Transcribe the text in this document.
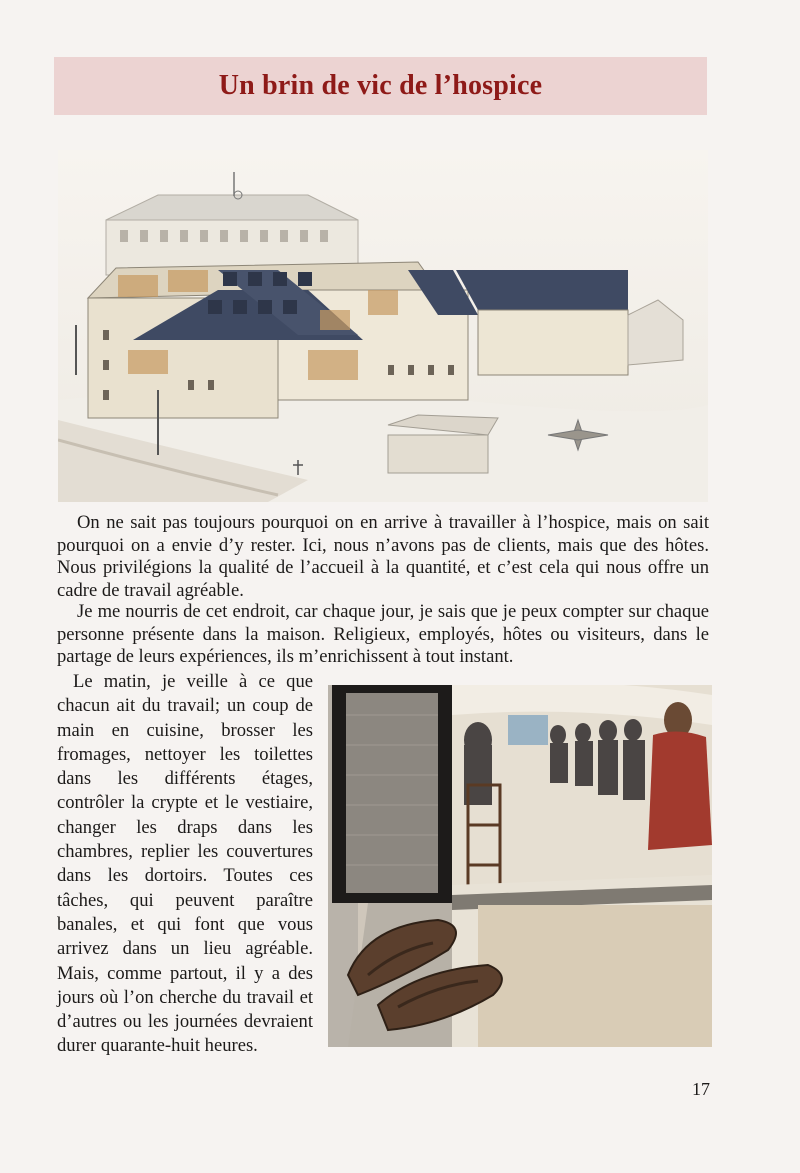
Un brin de vic de l’hospice

On ne sait pas toujours pourquoi on en arrive à travailler à l’hospice, mais on sait pourquoi on a envie d’y rester. Ici, nous n’avons pas de clients, mais que des hôtes. Nous privilégions la qualité de l’accueil à la quantité, et c’est cela qui nous offre un cadre de travail agréable.

Je me nourris de cet endroit, car chaque jour, je sais que je peux compter sur chaque personne présente dans la maison. Religieux, employés, hôtes ou visiteurs, dans le partage de leurs expériences, ils m’enrichissent à tout instant.

Le matin, je veille à ce que chacun ait du travail; un coup de main en cuisine, brosser les fromages, nettoyer les toilettes dans les différents étages, contrôler la crypte et le vestiaire, changer les draps dans les chambres, replier les couvertures dans les dortoirs. Toutes ces tâches, qui peuvent paraître banales, et qui font que vous arrivez dans un lieu agréable. Mais, comme partout, il y a des jours où l’on cherche du travail et d’autres ou les journées devraient durer quarante-huit heures.

17
